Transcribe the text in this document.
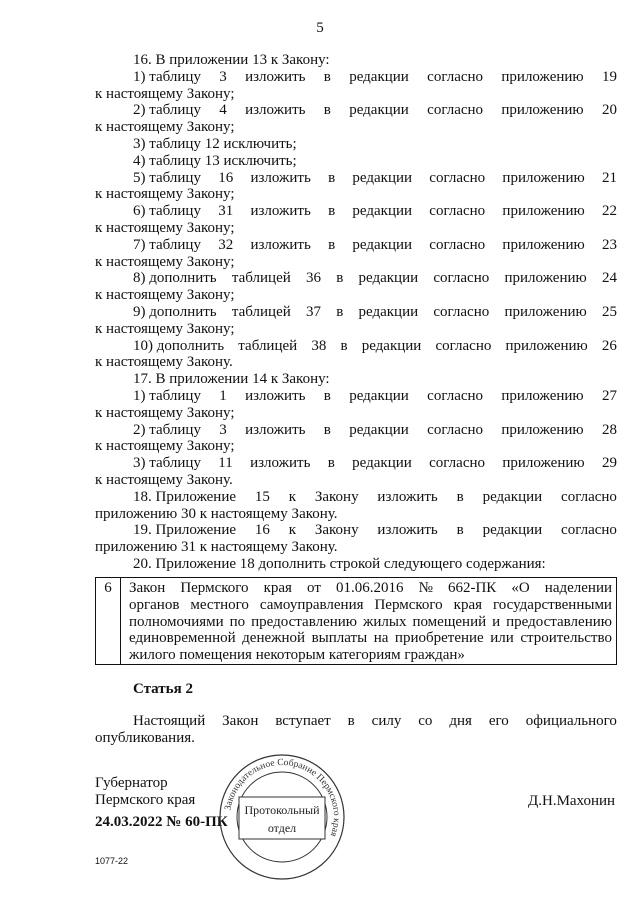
5
16. В приложении 13 к Закону:
1) таблицу 3 изложить в редакции согласно приложению 19
к настоящему Закону;
2) таблицу 4 изложить в редакции согласно приложению 20
к настоящему Закону;
3) таблицу 12 исключить;
4) таблицу 13 исключить;
5) таблицу 16 изложить в редакции согласно приложению 21
к настоящему Закону;
6) таблицу 31 изложить в редакции согласно приложению 22
к настоящему Закону;
7) таблицу 32 изложить в редакции согласно приложению 23
к настоящему Закону;
8) дополнить таблицей 36 в редакции согласно приложению 24
к настоящему Закону;
9) дополнить таблицей 37 в редакции согласно приложению 25
к настоящему Закону;
10) дополнить таблицей 38 в редакции согласно приложению 26
к настоящему Закону.
17. В приложении 14 к Закону:
1) таблицу 1 изложить в редакции согласно приложению 27
к настоящему Закону;
2) таблицу 3 изложить в редакции согласно приложению 28
к настоящему Закону;
3) таблицу 11 изложить в редакции согласно приложению 29
к настоящему Закону.
18. Приложение 15 к Закону изложить в редакции согласно
приложению 30 к настоящему Закону.
19. Приложение 16 к Закону изложить в редакции согласно
приложению 31 к настоящему Закону.
20. Приложение 18 дополнить строкой следующего содержания:
6	Закон Пермского края от 01.06.2016 № 662-ПК «О наделении
органов местного самоуправления Пермского края государственными
полномочиями по предоставлению жилых помещений и предоставлению
единовременной денежной выплаты на приобретение или строительство
жилого помещения некоторым категориям граждан»
Статья 2
Настоящий Закон вступает в силу со дня его официального
опубликования.
Губернатор
Пермского края	Д.Н.Махонин
24.03.2022 № 60-ПК
1077-22
Законодательное Собрание Пермского края
Протокольный
отдел
